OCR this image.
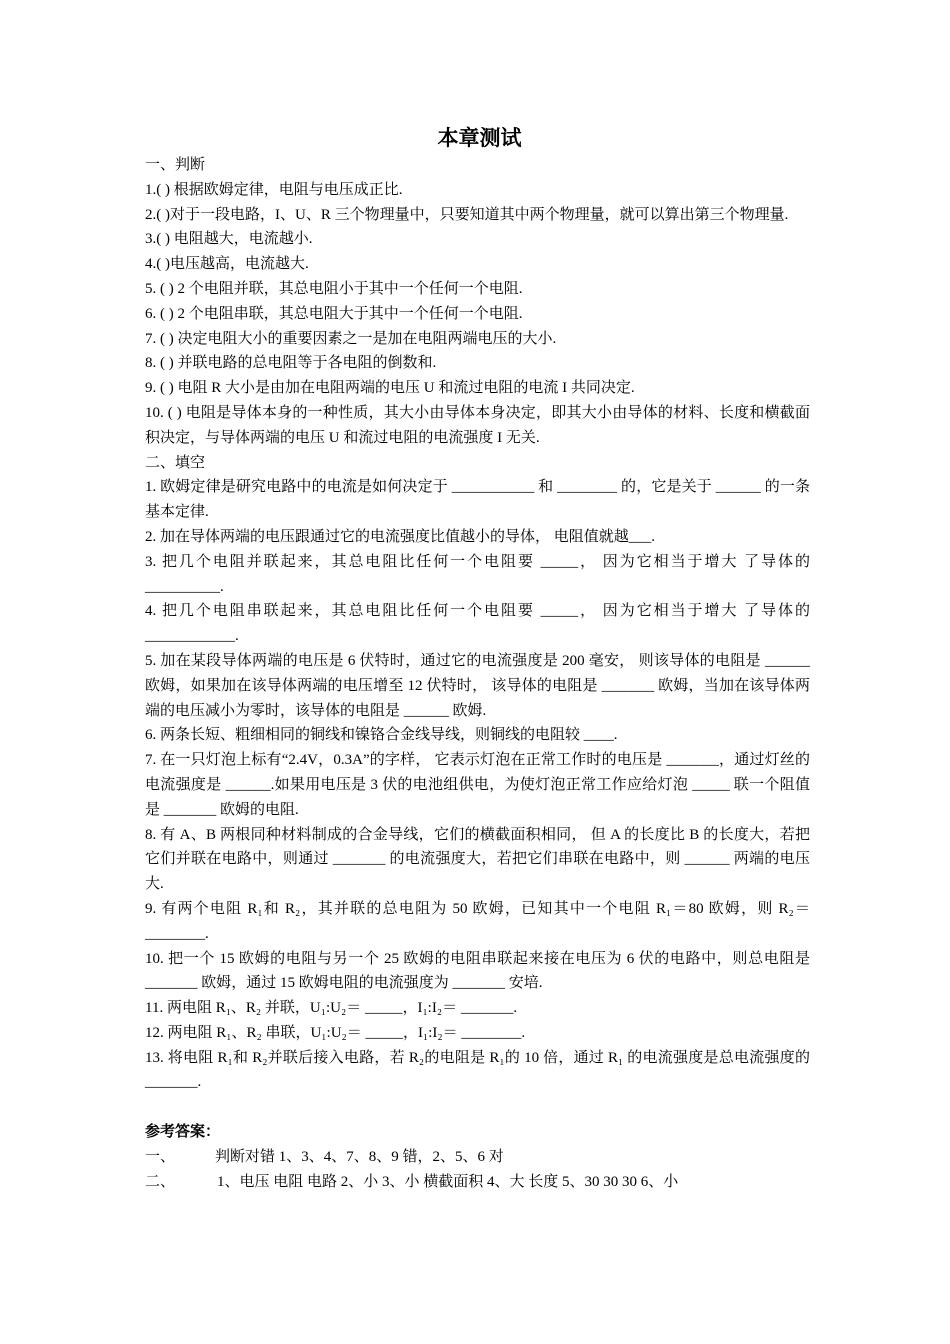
本章测试
一、判断
1.( ) 根据欧姆定律，电阻与电压成正比.
2.( )对于一段电路，I、U、R 三个物理量中，只要知道其中两个物理量，就可以算出第三个物理量.
3.( ) 电阻越大，电流越小.
4.( )电压越高，电流越大.
5. ( ) 2 个电阻并联，其总电阻小于其中一个任何一个电阻.
6. ( ) 2 个电阻串联，其总电阻大于其中一个任何一个电阻.
7. ( ) 决定电阻大小的重要因素之一是加在电阻两端电压的大小.
8. ( ) 并联电路的总电阻等于各电阻的倒数和.
9. ( ) 电阻 R 大小是由加在电阻两端的电压 U 和流过电阻的电流 I 共同决定.
10. ( ) 电阻是导体本身的一种性质，其大小由导体本身决定，即其大小由导体的材料、长度和横截面积决定，与导体两端的电压 U 和流过电阻的电流强度 I 无关.
二、填空
1. 欧姆定律是研究电路中的电流是如何决定于 ___________ 和 ________ 的，它是关于 ______ 的一条基本定律.
2. 加在导体两端的电压跟通过它的电流强度比值越小的导体， 电阻值就越___.
3. 把几个电阻并联起来，其总电阻比任何一个电阻要 _____， 因为它相当于增大 了导体的__________.
4. 把几个电阻串联起来，其总电阻比任何一个电阻要 _____， 因为它相当于增大 了导体的____________.
5. 加在某段导体两端的电压是 6 伏特时，通过它的电流强度是 200 毫安， 则该导体的电阻是 ______ 欧姆，如果加在该导体两端的电压增至 12 伏特时， 该导体的电阻是 _______ 欧姆，当加在该导体两端的电压减小为零时，该导体的电阻是 ______ 欧姆.
6. 两条长短、粗细相同的铜线和镍铬合金线导线，则铜线的电阻较 ____.
7. 在一只灯泡上标有“2.4V，0.3A”的字样， 它表示灯泡在正常工作时的电压是 _______，通过灯丝的电流强度是 ______.如果用电压是 3 伏的电池组供电，为使灯泡正常工作应给灯泡 _____ 联一个阻值是 _______ 欧姆的电阻.
8. 有 A、B 两根同种材料制成的合金导线，它们的横截面积相同， 但 A 的长度比 B 的长度大，若把它们并联在电路中，则通过 _______ 的电流强度大，若把它们串联在电路中，则 ______ 两端的电压大.
9. 有两个电阻 R₁和 R₂，其并联的总电阻为 50 欧姆，已知其中一个电阻 R₁＝80 欧姆，则 R₂＝ ________.
10. 把一个 15 欧姆的电阻与另一个 25 欧姆的电阻串联起来接在电压为 6 伏的电路中，则总电阻是 _______ 欧姆，通过 15 欧姆电阻的电流强度为 _______ 安培.
11. 两电阻 R₁、R₂ 并联，U₁:U₂＝ _____，I₁:I₂＝ _______.
12. 两电阻 R₁、R₂ 串联，U₁:U₂＝ _____，I₁:I₂＝ ________.
13. 将电阻 R₁和 R₂并联后接入电路，若 R₂的电阻是 R₁的 10 倍，通过 R₁ 的电流强度是总电流强度的 _______.
参考答案：
一、	判断对错 1、3、4、7、8、9 错，2、5、6 对
二、	1、电压 电阻 电路 2、小 3、小 横截面积 4、大 长度 5、30 30 30 6、小
